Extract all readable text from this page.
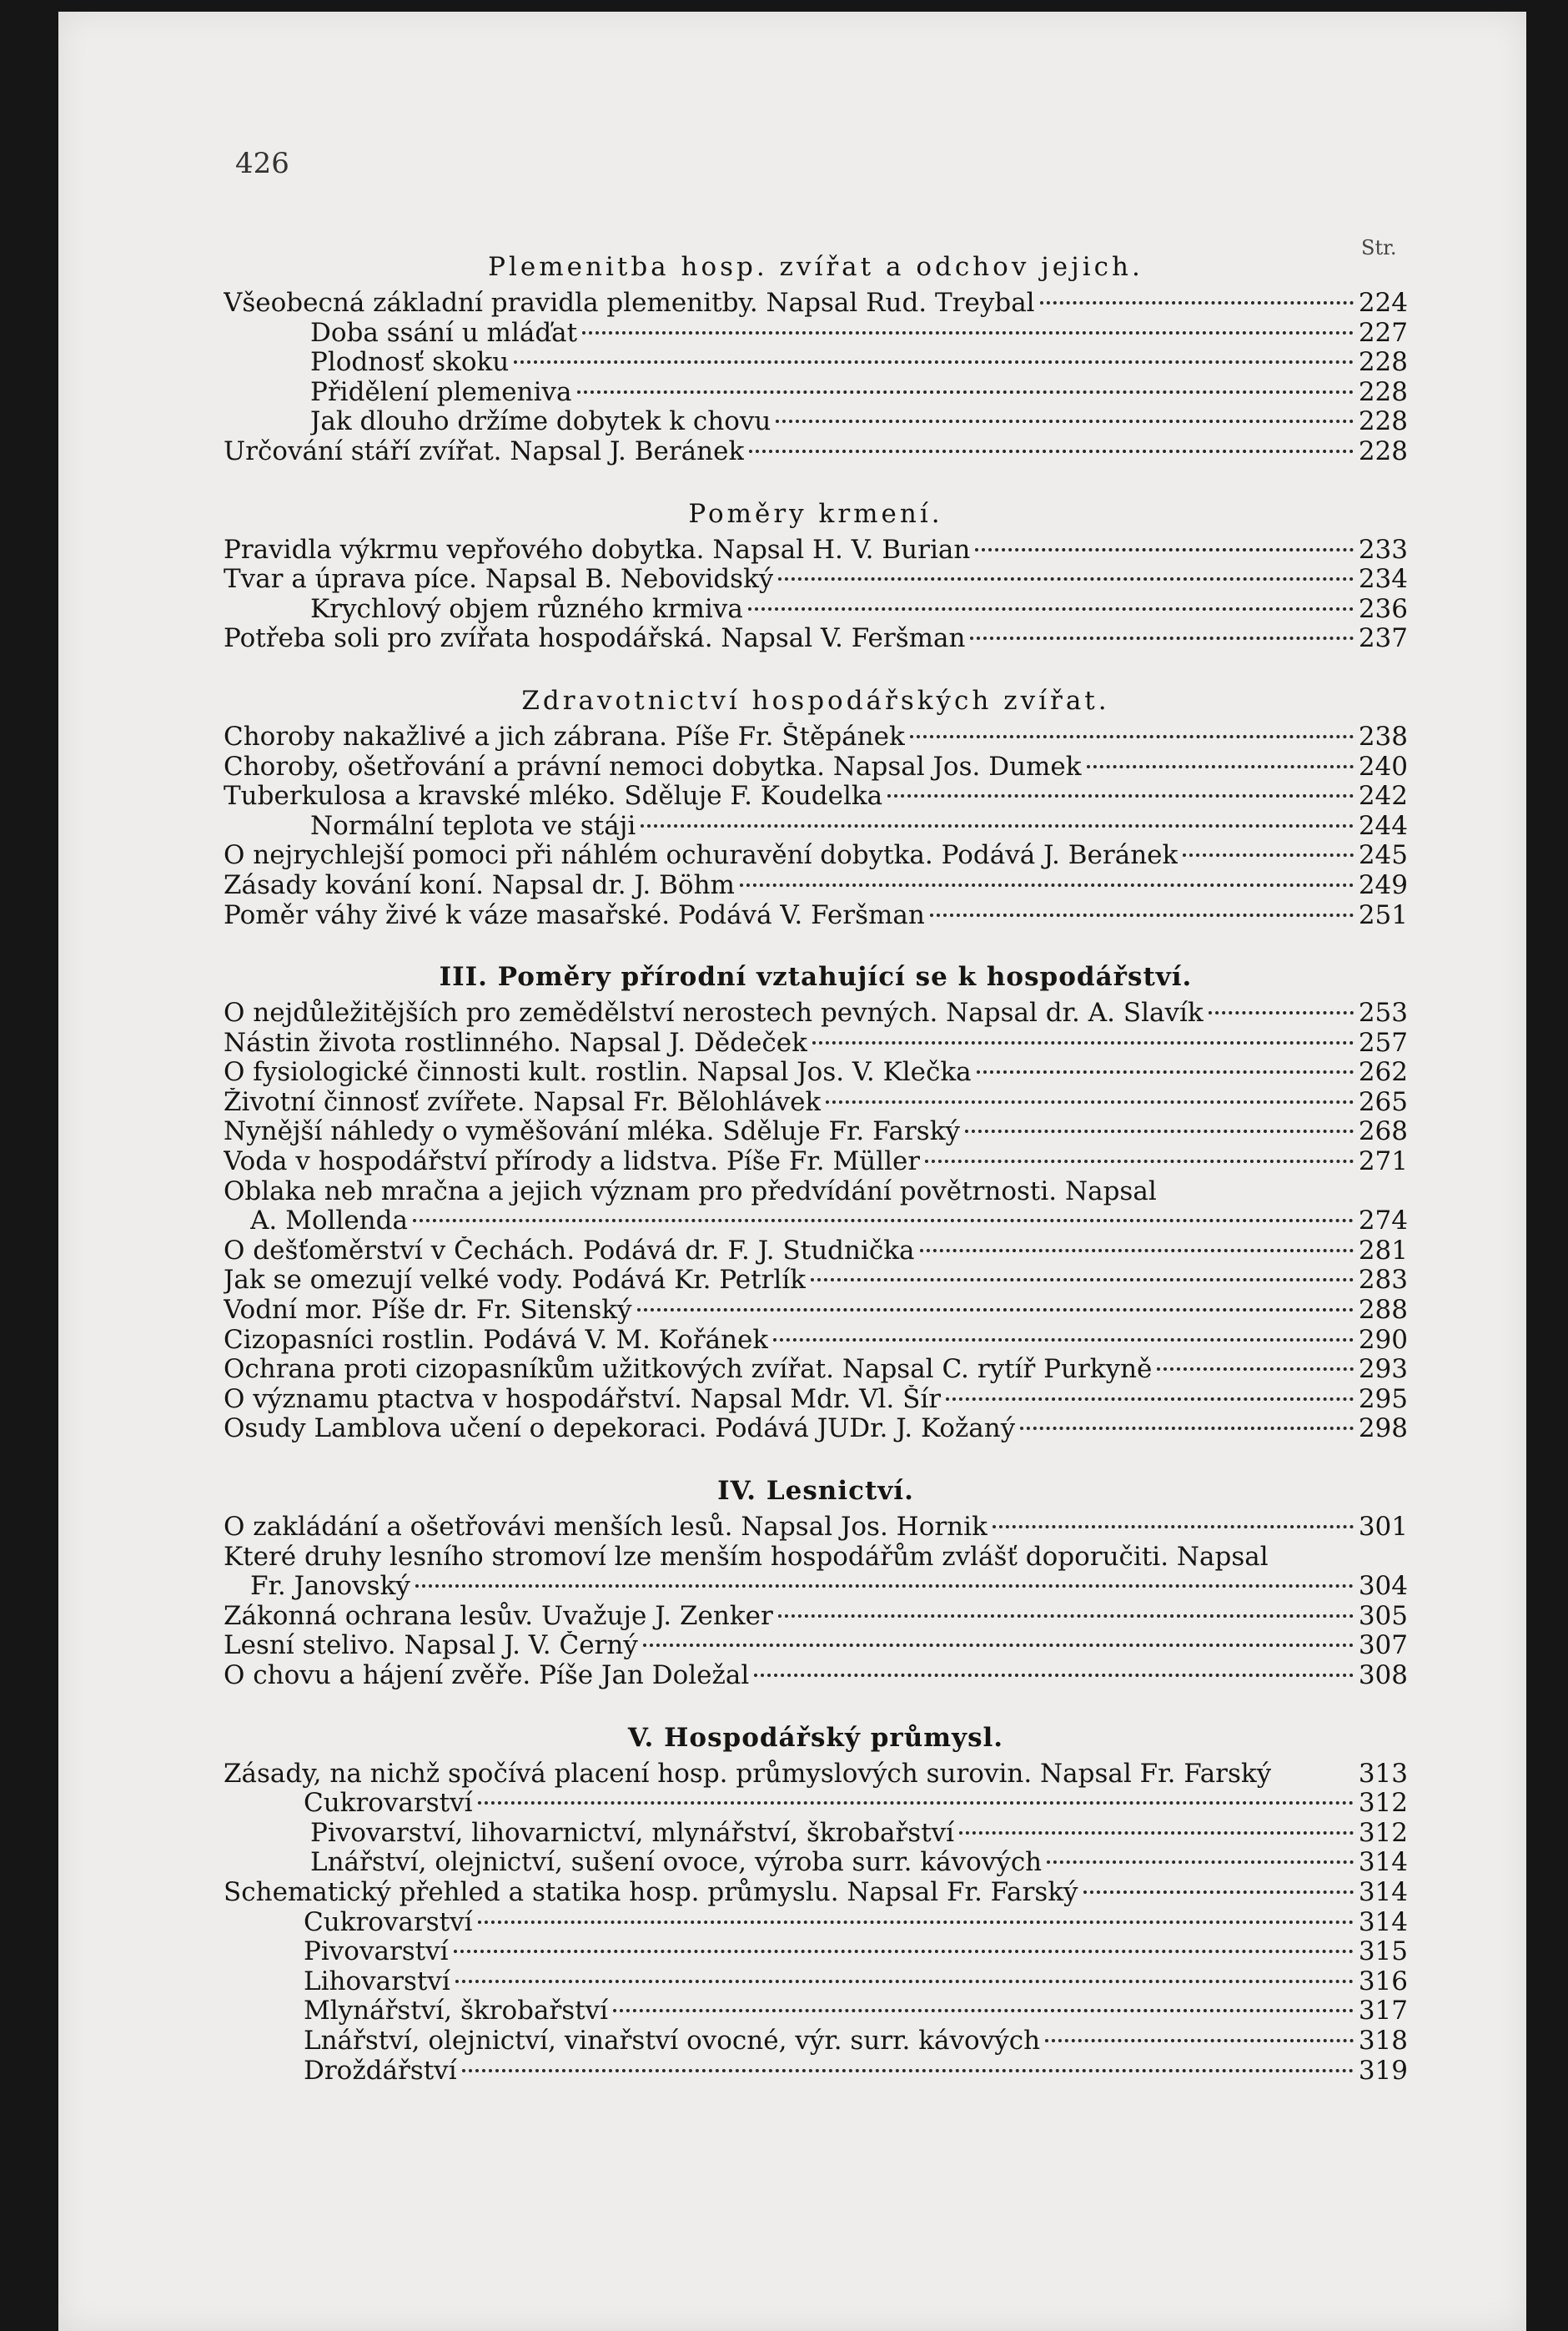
426
Str.
Plemenitba hosp. zvířat a odchov jejich.
Všeobecná základní pravidla plemenitby. Napsal Rud. Treybal	224
Doba ssání u mláďat	227
Plodnosť skoku	228
Přidělení plemeniva	228
Jak dlouho držíme dobytek k chovu	228
Určování stáří zvířat. Napsal J. Beránek	228
Poměry krmení.
Pravidla výkrmu vepřového dobytka. Napsal H. V. Burian	233
Tvar a úprava píce. Napsal B. Nebovidský	234
Krychlový objem různého krmiva	236
Potřeba soli pro zvířata hospodářská. Napsal V. Feršman	237
Zdravotnictví hospodářských zvířat.
Choroby nakažlivé a jich zábrana. Píše Fr. Štěpánek	238
Choroby, ošetřování a právní nemoci dobytka. Napsal Jos. Dumek	240
Tuberkulosa a kravské mléko. Sděluje F. Koudelka	242
Normální teplota ve stáji	244
O nejrychlejší pomoci při náhlém ochuravění dobytka. Podává J. Beránek	245
Zásady kování koní. Napsal dr. J. Böhm	249
Poměr váhy živé k váze masařské. Podává V. Feršman	251
III. Poměry přírodní vztahující se k hospodářství.
O nejdůležitějších pro zemědělství nerostech pevných. Napsal dr. A. Slavík	253
Nástin života rostlinného. Napsal J. Dědeček	257
O fysiologické činnosti kult. rostlin. Napsal Jos. V. Klečka	262
Životní činnosť zvířete. Napsal Fr. Bělohlávek	265
Nynější náhledy o vyměšování mléka. Sděluje Fr. Farský	268
Voda v hospodářství přírody a lidstva. Píše Fr. Müller	271
Oblaka neb mračna a jejich význam pro předvídání povětrnosti. Napsal
A. Mollenda	274
O dešťoměrství v Čechách. Podává dr. F. J. Studnička	281
Jak se omezují velké vody. Podává Kr. Petrlík	283
Vodní mor. Píše dr. Fr. Sitenský	288
Cizopasníci rostlin. Podává V. M. Kořánek	290
Ochrana proti cizopasníkům užitkových zvířat. Napsal C. rytíř Purkyně	293
O významu ptactva v hospodářství. Napsal Mdr. Vl. Šír	295
Osudy Lamblova učení o depekoraci. Podává JUDr. J. Kožaný	298
IV. Lesnictví.
O zakládání a ošetřovávi menších lesů. Napsal Jos. Hornik	301
Které druhy lesního stromoví lze menším hospodářům zvlášť doporučiti. Napsal
Fr. Janovský	304
Zákonná ochrana lesův. Uvažuje J. Zenker	305
Lesní stelivo. Napsal J. V. Černý	307
O chovu a hájení zvěře. Píše Jan Doležal	308
V. Hospodářský průmysl.
Zásady, na nichž spočívá placení hosp. průmyslových surovin. Napsal Fr. Farský	313
Cukrovarství	312
Pivovarství, lihovarnictví, mlynářství, škrobařství	312
Lnářství, olejnictví, sušení ovoce, výroba surr. kávových	314
Schematický přehled a statika hosp. průmyslu. Napsal Fr. Farský	314
Cukrovarství	314
Pivovarství	315
Lihovarství	316
Mlynářství, škrobařství	317
Lnářství, olejnictví, vinařství ovocné, výr. surr. kávových	318
Droždářství	319
